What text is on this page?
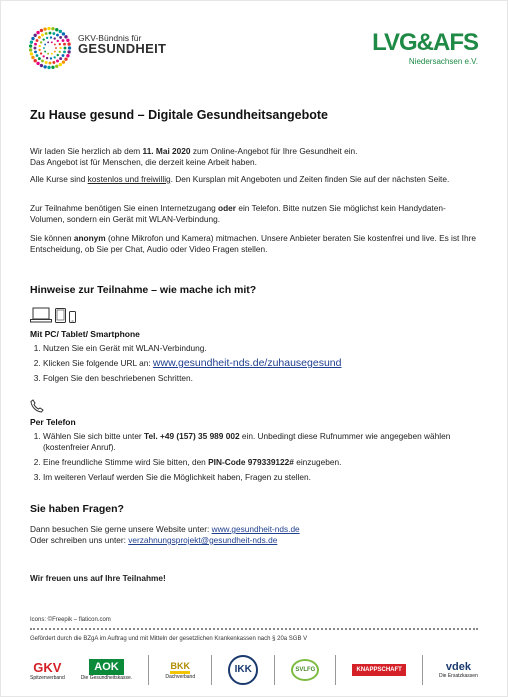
GKV-Bündnis für
GESUNDHEIT	LVG&AFS
Niedersachsen e.V.
Zu Hause gesund – Digitale Gesundheitsangebote
Wir laden Sie herzlich ab dem 11. Mai 2020 zum Online-Angebot für Ihre Gesundheit ein.
Das Angebot ist für Menschen, die derzeit keine Arbeit haben.
Alle Kurse sind kostenlos und freiwillig. Den Kursplan mit Angeboten und Zeiten finden Sie auf der nächsten Seite.
Zur Teilnahme benötigen Sie einen Internetzugang oder ein Telefon. Bitte nutzen Sie möglichst kein Handydaten-Volumen, sondern ein Gerät mit WLAN-Verbindung.
Sie können anonym (ohne Mikrofon und Kamera) mitmachen. Unsere Anbieter beraten Sie kostenfrei und live. Es ist Ihre Entscheidung, ob Sie per Chat, Audio oder Video Fragen stellen.
Hinweise zur Teilnahme – wie mache ich mit?
Mit PC/ Tablet/ Smartphone
1. Nutzen Sie ein Gerät mit WLAN-Verbindung.
2. Klicken Sie folgende URL an: www.gesundheit-nds.de/zuhausegesund
3. Folgen Sie den beschriebenen Schritten.
Per Telefon
1. Wählen Sie sich bitte unter Tel. +49 (157) 35 989 002 ein. Unbedingt diese Rufnummer wie angegeben wählen (kostenfreier Anruf).
2. Eine freundliche Stimme wird Sie bitten, den PIN-Code 979339122# einzugeben.
3. Im weiteren Verlauf werden Sie die Möglichkeit haben, Fragen zu stellen.
Sie haben Fragen?
Dann besuchen Sie gerne unsere Website unter: www.gesundheit-nds.de
Oder schreiben uns unter: verzahnungsprojekt@gesundheit-nds.de
Wir freuen uns auf Ihre Teilnahme!
Icons: ©Freepik – flaticon.com
Gefördert durch die BZgA im Auftrag und mit Mitteln der gesetzlichen Krankenkassen nach § 20a SGB V
GKV
Spitzenverband
AOK
Die Gesundheitskasse.
BKK
Dachverband
IKK	SVLFG	KNAPPSCHAFT	vdek
Die Ersatzkassen
